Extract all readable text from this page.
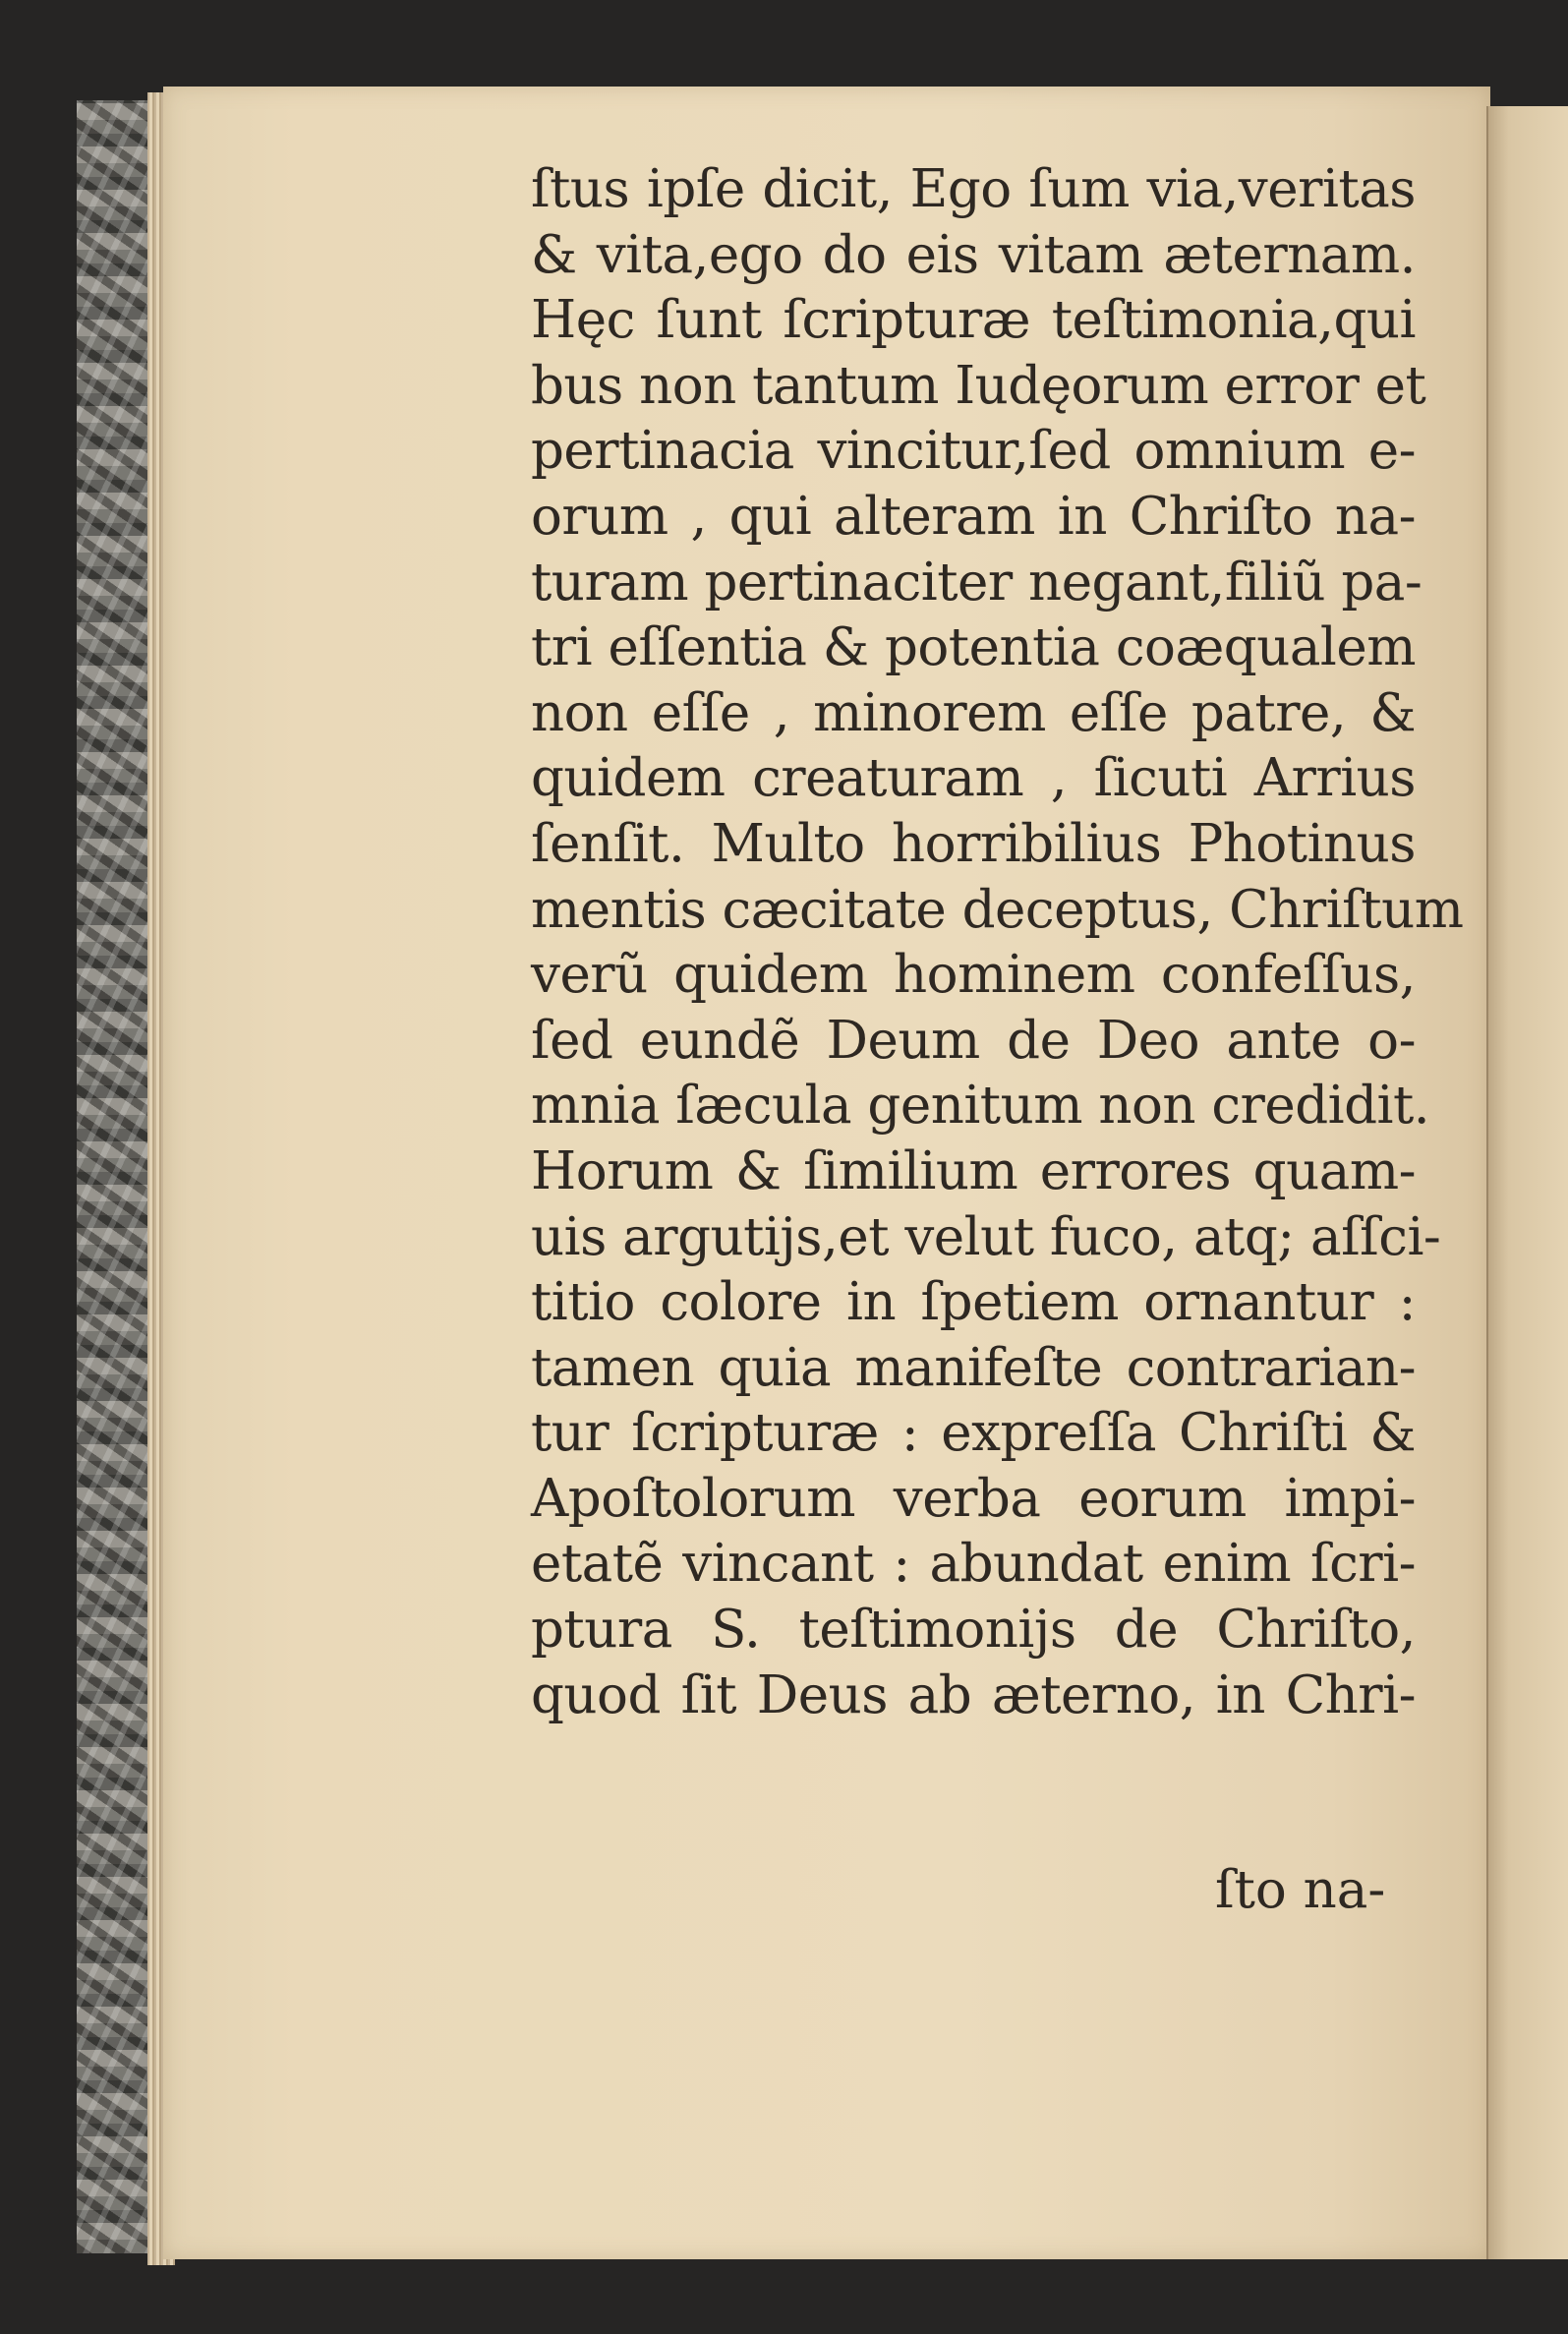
ſtus ipſe dicit, Ego ſum via,veritas
& vita,ego do eis vitam æternam.
Hęc ſunt ſcripturæ teſtimonia,qui
bus non tantum Iudęorum error et
pertinacia vincitur,ſed omnium e-
orum , qui alteram in Chriſto na-
turam pertinaciter negant,filiũ pa-
tri eſſentia & potentia coæqualem
non eſſe , minorem eſſe patre, &
quidem creaturam , ſicuti Arrius
ſenſit. Multo horribilius Photinus
mentis cæcitate deceptus, Chriſtum
verũ quidem hominem confeſſus,
ſed eundẽ Deum de Deo ante o-
mnia ſæcula genitum non credidit.
Horum & ſimilium errores quam-
uis argutijs,et velut fuco, atq; aſſci-
titio colore in ſpetiem ornantur :
tamen quia manifeſte contrarian-
tur ſcripturæ : expreſſa Chriſti &
Apoſtolorum verba eorum impi-
etatẽ vincant : abundat enim ſcri-
ptura S. teſtimonijs de Chriſto,
quod ſit Deus ab æterno, in Chri-
ſto na-
